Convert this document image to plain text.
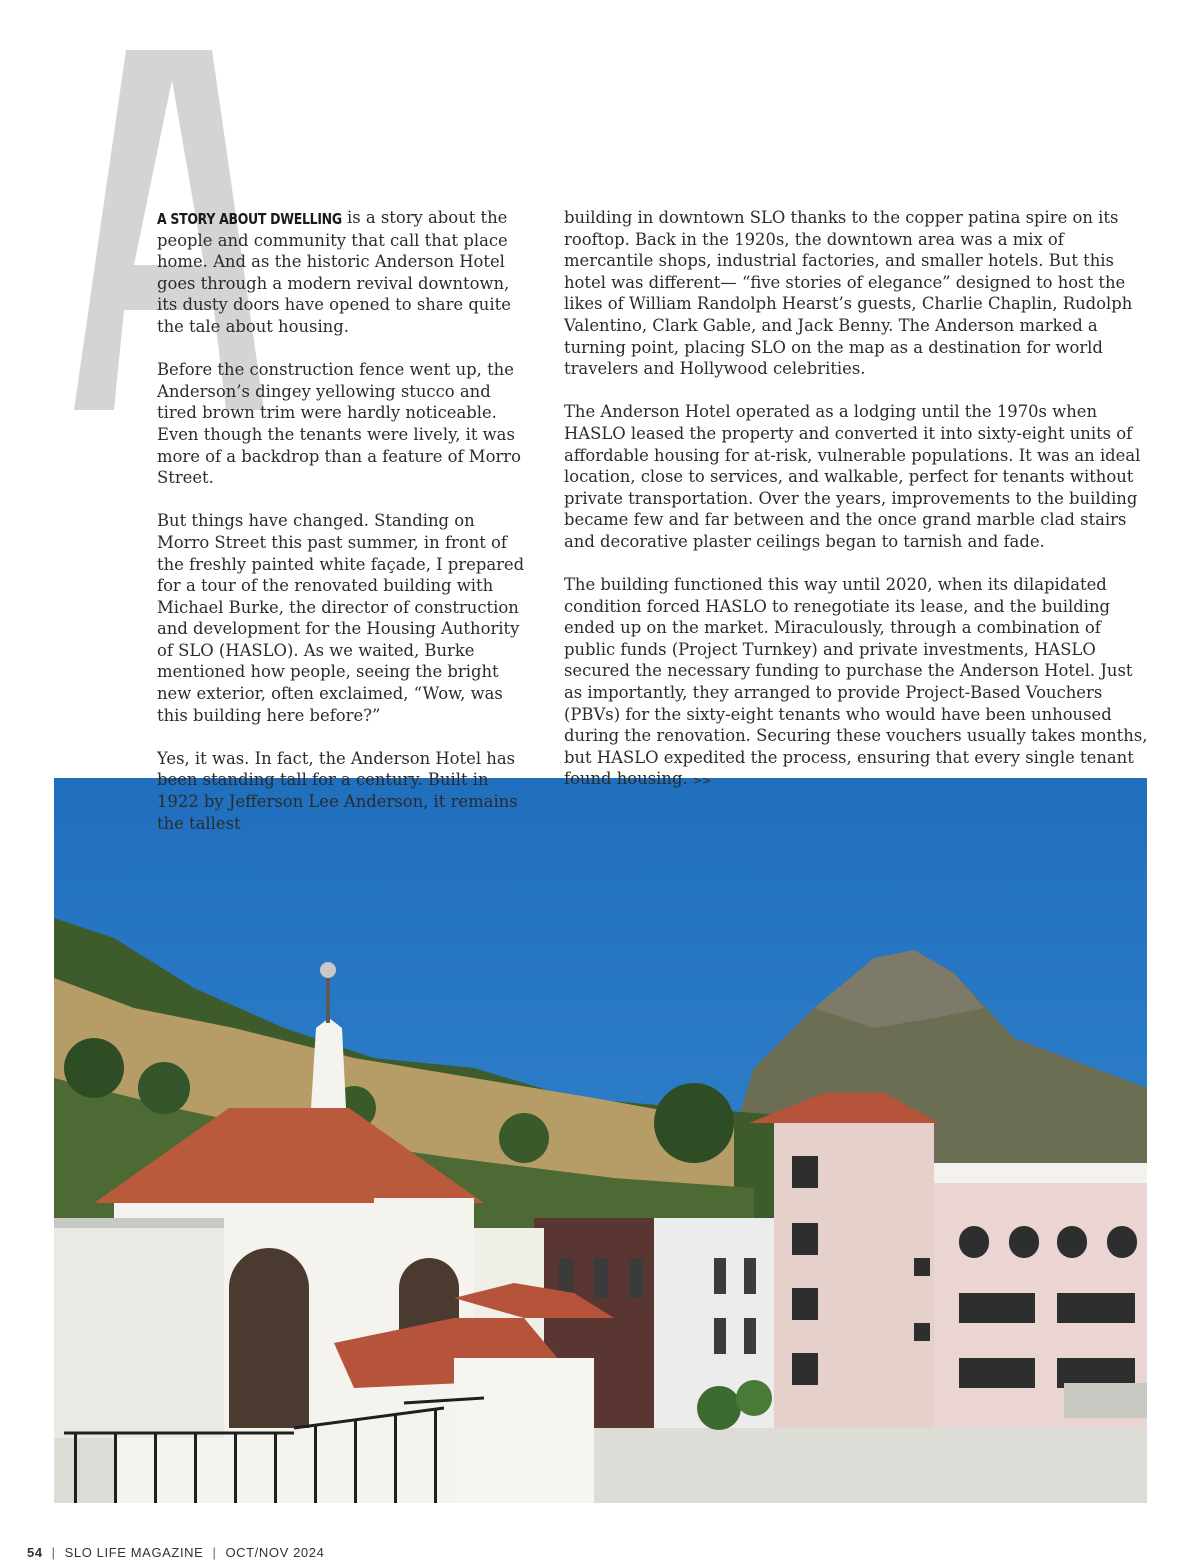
A STORY ABOUT DWELLING is a story about the people and community that call that place home. And as the historic Anderson Hotel goes through a modern revival downtown, its dusty doors have opened to share quite the tale about housing.

Before the construction fence went up, the Anderson’s dingey yellowing stucco and tired brown trim were hardly noticeable. Even though the tenants were lively, it was more of a backdrop than a feature of Morro Street.

But things have changed. Standing on Morro Street this past summer, in front of the freshly painted white façade, I prepared for a tour of the renovated building with Michael Burke, the director of construction and development for the Housing Authority of SLO (HASLO). As we waited, Burke mentioned how people, seeing the bright new exterior, often exclaimed, “Wow, was this building here before?”

Yes, it was. In fact, the Anderson Hotel has been standing tall for a century. Built in 1922 by Jefferson Lee Anderson, it remains the tallest

building in downtown SLO thanks to the copper patina spire on its rooftop. Back in the 1920s, the downtown area was a mix of mercantile shops, industrial factories, and smaller hotels. But this hotel was different— “five stories of elegance” designed to host the likes of William Randolph Hearst’s guests, Charlie Chaplin, Rudolph Valentino, Clark Gable, and Jack Benny. The Anderson marked a turning point, placing SLO on the map as a destination for world travelers and Hollywood celebrities.

The Anderson Hotel operated as a lodging until the 1970s when HASLO leased the property and converted it into sixty-eight units of affordable housing for at-risk, vulnerable populations. It was an ideal location, close to services, and walkable, perfect for tenants without private transportation. Over the years, improvements to the building became few and far between and the once grand marble clad stairs and decorative plaster ceilings began to tarnish and fade.

The building functioned this way until 2020, when its dilapidated condition forced HASLO to renegotiate its lease, and the building ended up on the market. Miraculously, through a combination of public funds (Project Turnkey) and private investments, HASLO secured the necessary funding to purchase the Anderson Hotel. Just as importantly, they arranged to provide Project-Based Vouchers (PBVs) for the sixty-eight tenants who would have been unhoused during the renovation. Securing these vouchers usually takes months, but HASLO expedited the process, ensuring that every single tenant found housing. >>

54 | SLO LIFE MAGAZINE | OCT/NOV 2024
